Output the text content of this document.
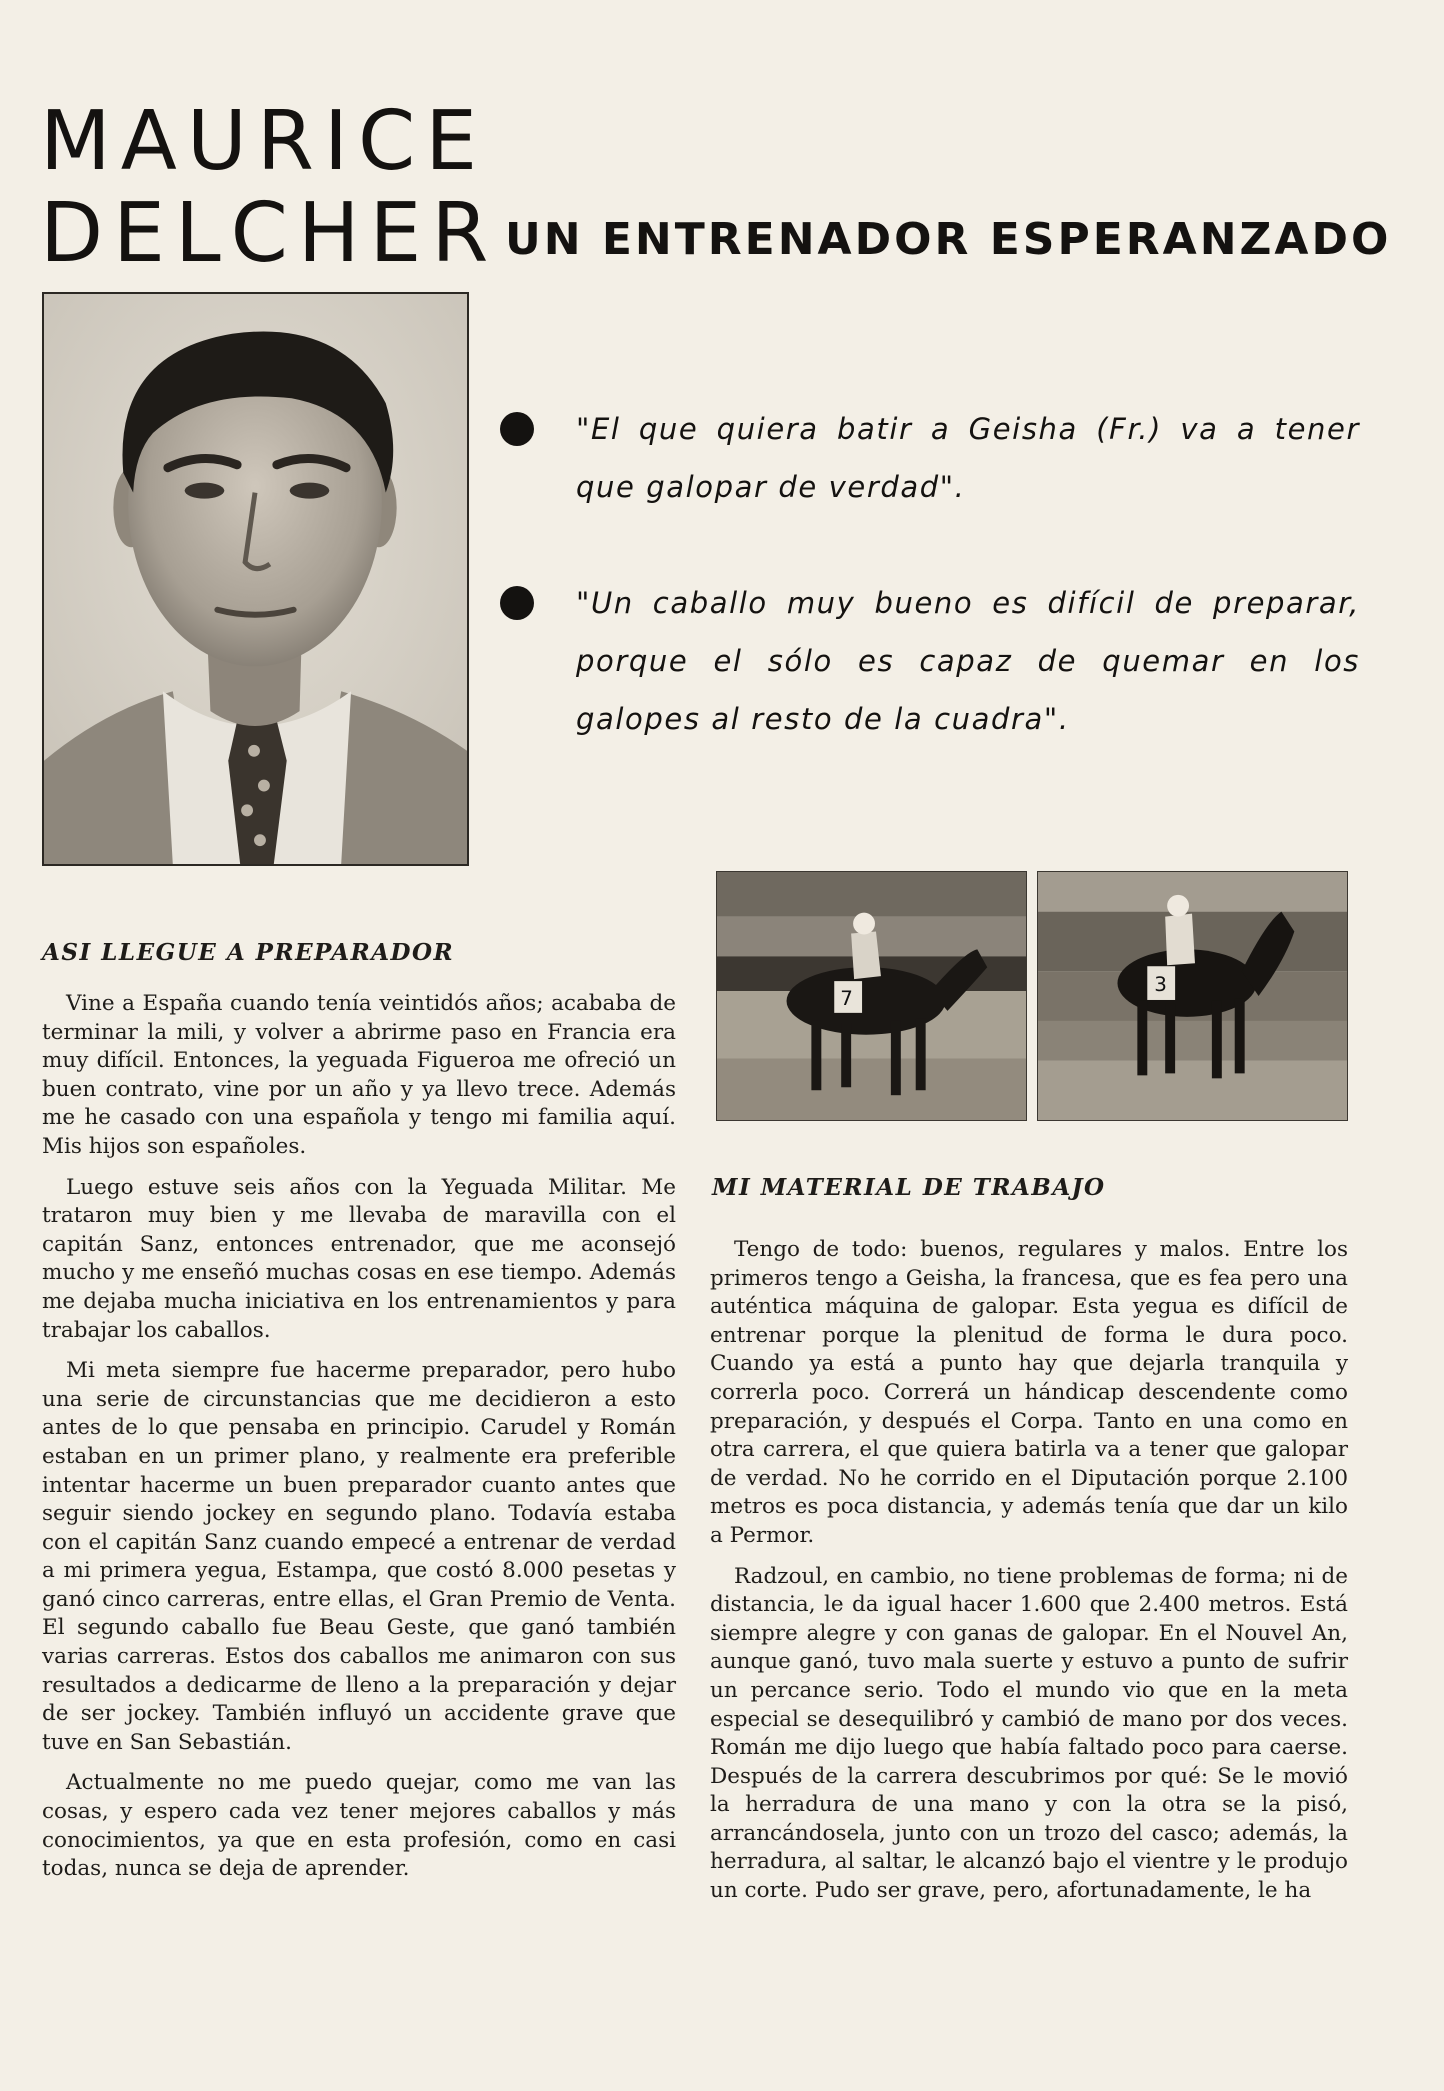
MAURICE
DELCHER UN ENTRENADOR ESPERANZADO

"El que quiera batir a Geisha (Fr.) va a tener que galopar de verdad".

"Un caballo muy bueno es difícil de preparar, porque el sólo es capaz de quemar en los galopes al resto de la cuadra".

7
3
ASI LLEGUE A PREPARADOR

Vine a España cuando tenía veintidós años; acababa de terminar la mili, y volver a abrirme paso en Francia era muy difícil. Entonces, la yeguada Figueroa me ofreció un buen contrato, vine por un año y ya llevo trece. Además me he casado con una española y tengo mi familia aquí. Mis hijos son españoles.

Luego estuve seis años con la Yeguada Militar. Me trataron muy bien y me llevaba de maravilla con el capitán Sanz, entonces entrenador, que me aconsejó mucho y me enseñó muchas cosas en ese tiempo. Además me dejaba mucha iniciativa en los entrenamientos y para trabajar los caballos.

Mi meta siempre fue hacerme preparador, pero hubo una serie de circunstancias que me decidieron a esto antes de lo que pensaba en principio. Carudel y Román estaban en un primer plano, y realmente era preferible intentar hacerme un buen preparador cuanto antes que seguir siendo jockey en segundo plano. Todavía estaba con el capitán Sanz cuando empecé a entrenar de verdad a mi primera yegua, Estampa, que costó 8.000 pesetas y ganó cinco carreras, entre ellas, el Gran Premio de Venta. El segundo caballo fue Beau Geste, que ganó también varias carreras. Estos dos caballos me animaron con sus resultados a dedicarme de lleno a la preparación y dejar de ser jockey. También influyó un accidente grave que tuve en San Sebastián.

Actualmente no me puedo quejar, como me van las cosas, y espero cada vez tener mejores caballos y más conocimientos, ya que en esta profesión, como en casi todas, nunca se deja de aprender.

MI MATERIAL DE TRABAJO

Tengo de todo: buenos, regulares y malos. Entre los primeros tengo a Geisha, la francesa, que es fea pero una auténtica máquina de galopar. Esta yegua es difícil de entrenar porque la plenitud de forma le dura poco. Cuando ya está a punto hay que dejarla tranquila y correrla poco. Correrá un hándicap descendente como preparación, y después el Corpa. Tanto en una como en otra carrera, el que quiera batirla va a tener que galopar de verdad. No he corrido en el Diputación porque 2.100 metros es poca distancia, y además tenía que dar un kilo a Permor.

Radzoul, en cambio, no tiene problemas de forma; ni de distancia, le da igual hacer 1.600 que 2.400 metros. Está siempre alegre y con ganas de galopar. En el Nouvel An, aunque ganó, tuvo mala suerte y estuvo a punto de sufrir un percance serio. Todo el mundo vio que en la meta especial se desequilibró y cambió de mano por dos veces. Román me dijo luego que había faltado poco para caerse. Después de la carrera descubrimos por qué: Se le movió la herradura de una mano y con la otra se la pisó, arrancándosela, junto con un trozo del casco; además, la herradura, al saltar, le alcanzó bajo el vientre y le produjo un corte. Pudo ser grave, pero, afortunadamente, le ha
